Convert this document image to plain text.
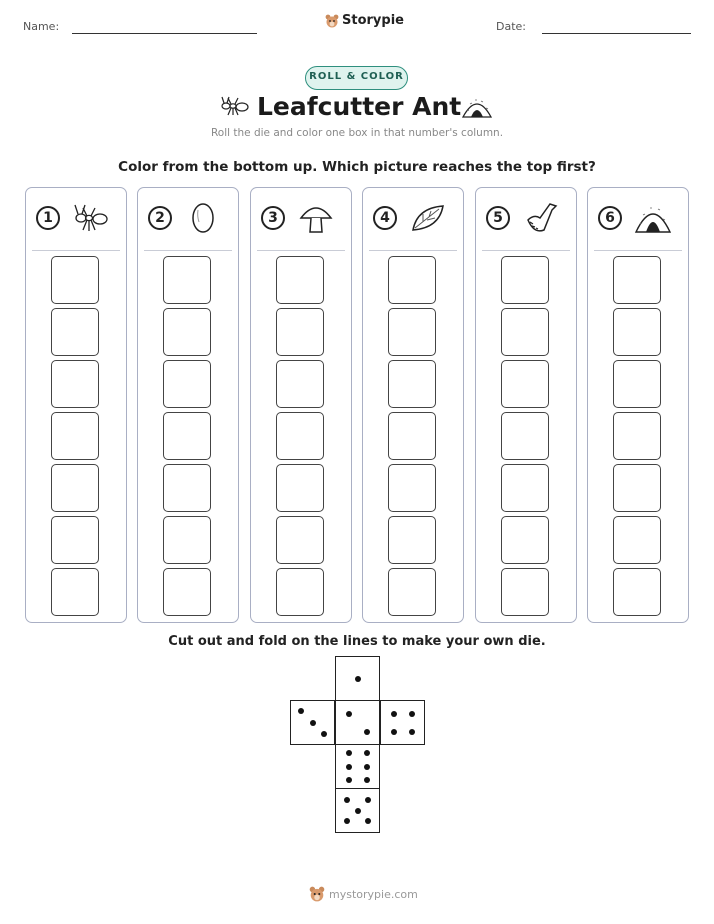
Name:	Storypie	Date:
ROLL & COLOR
Leafcutter Ant
Roll the die and color one box in that number's column.
Color from the bottom up. Which picture reaches the top first?
1	2	3	4	5	6
Cut out and fold on the lines to make your own die.
mystorypie.com
